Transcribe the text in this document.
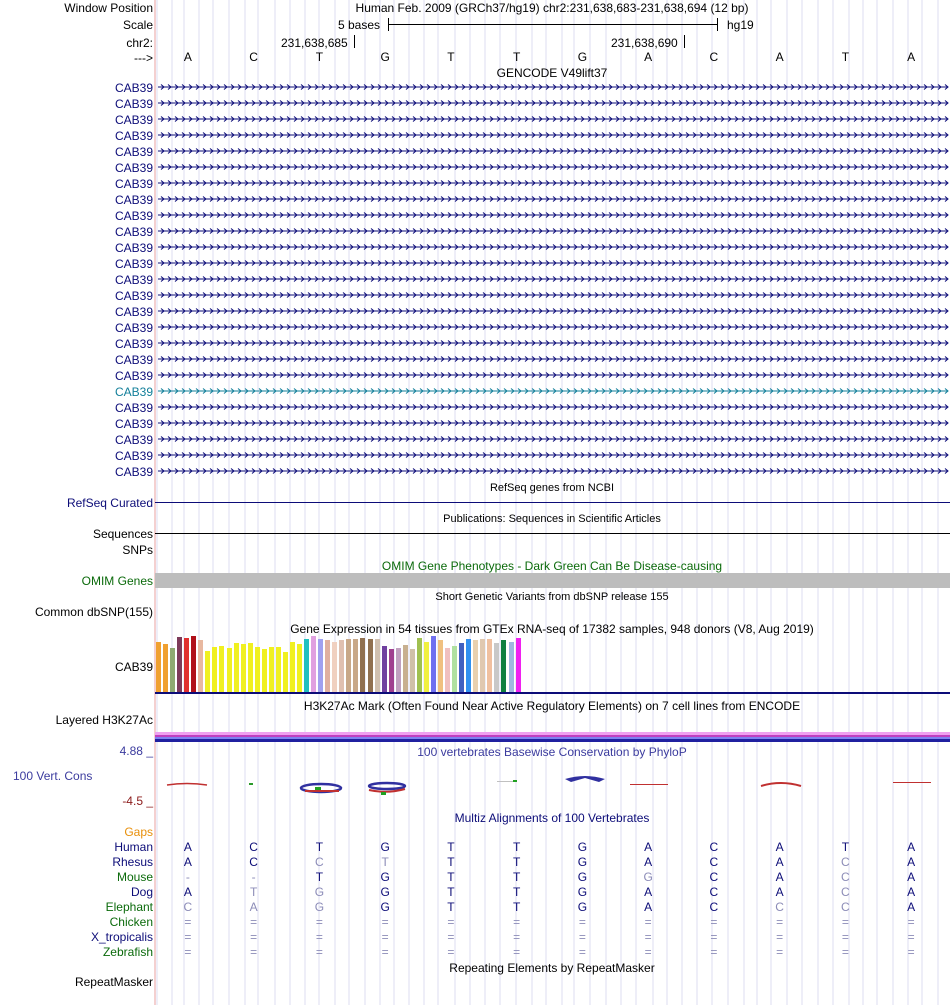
Window Position
Scale
chr2:
--->
Human Feb. 2009 (GRCh37/hg19) chr2:231,638,683-231,638,694 (12 bp)
5 bases	hg19
231,638,685	231,638,690
A	C	T	G	T	T	G	A	C	A	T	A
GENCODE V49lift37
CAB39
CAB39
CAB39
CAB39
CAB39
CAB39
CAB39
CAB39
CAB39
CAB39
CAB39
CAB39
CAB39
CAB39
CAB39
CAB39
CAB39
CAB39
CAB39
CAB39
CAB39
CAB39
CAB39
CAB39
CAB39
RefSeq genes from NCBI
RefSeq Curated
Publications: Sequences in Scientific Articles
Sequences
SNPs
OMIM Gene Phenotypes - Dark Green Can Be Disease-causing
OMIM Genes
Short Genetic Variants from dbSNP release 155
Common dbSNP(155)
Gene Expression in 54 tissues from GTEx RNA-seq of 17382 samples, 948 donors (V8, Aug 2019)
CAB39
H3K27Ac Mark (Often Found Near Active Regulatory Elements) on 7 cell lines from ENCODE
Layered H3K27Ac
4.88 _	100 vertebrates Basewise Conservation by PhyloP
100 Vert. Cons
-4.5 _
Multiz Alignments of 100 Vertebrates
Gaps
Human	A	C	T	G	T	T	G	A	C	A	T	A
Rhesus	A	C	C	T	T	T	G	A	C	A	C	A
Mouse	-	-	T	G	T	T	G	G	C	A	C	A
Dog	A	T	G	G	T	T	G	A	C	A	C	A
Elephant	C	A	G	G	T	T	G	A	C	C	C	A
Chicken	=	=	=	=	=	=	=	=	=	=	=	=
X_tropicalis	=	=	=	=	=	=	=	=	=	=	=	=
Zebrafish	=	=	=	=	=	=	=	=	=	=	=	=
Repeating Elements by RepeatMasker
RepeatMasker
